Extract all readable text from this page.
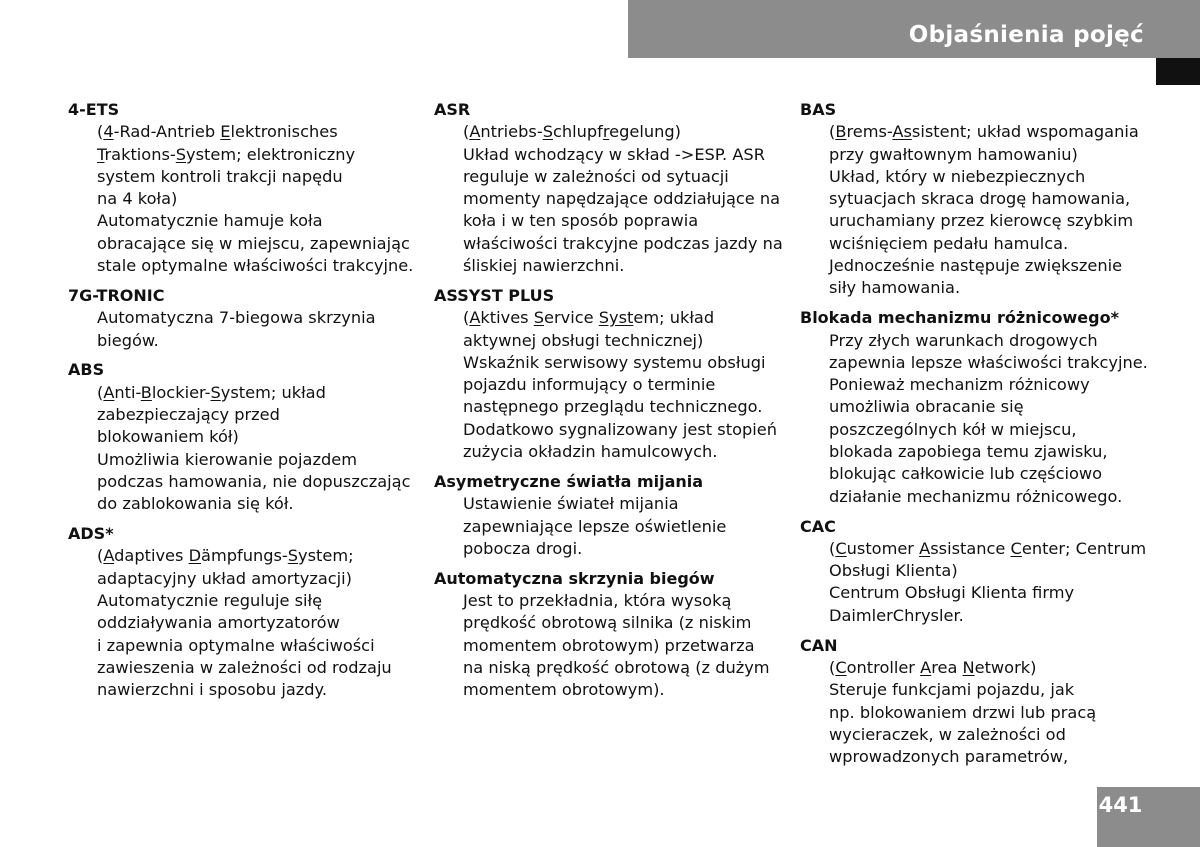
Objaśnienia pojęć
4-ETS
(4-Rad-Antrieb Elektronisches
Traktions-System; elektroniczny
system kontroli trakcji napędu
na 4 koła)
Automatycznie hamuje koła
obracające się w miejscu, zapewniając
stale optymalne właściwości trakcyjne.
7G-TRONIC
Automatyczna 7-biegowa skrzynia
biegów.
ABS
(Anti-Blockier-System; układ
zabezpieczający przed
blokowaniem kół)
Umożliwia kierowanie pojazdem
podczas hamowania, nie dopuszczając
do zablokowania się kół.
ADS*
(Adaptives Dämpfungs-System;
adaptacyjny układ amortyzacji)
Automatycznie reguluje siłę
oddziaływania amortyzatorów
i zapewnia optymalne właściwości
zawieszenia w zależności od rodzaju
nawierzchni i sposobu jazdy.
ASR
(Antriebs-Schlupfregelung)
Układ wchodzący w skład ->ESP. ASR
reguluje w zależności od sytuacji
momenty napędzające oddziałujące na
koła i w ten sposób poprawia
właściwości trakcyjne podczas jazdy na
śliskiej nawierzchni.
ASSYST PLUS
(Aktives Service System; układ
aktywnej obsługi technicznej)
Wskaźnik serwisowy systemu obsługi
pojazdu informujący o terminie
następnego przeglądu technicznego.
Dodatkowo sygnalizowany jest stopień
zużycia okładzin hamulcowych.
Asymetryczne światła mijania
Ustawienie świateł mijania
zapewniające lepsze oświetlenie
pobocza drogi.
Automatyczna skrzynia biegów
Jest to przekładnia, która wysoką
prędkość obrotową silnika (z niskim
momentem obrotowym) przetwarza
na niską prędkość obrotową (z dużym
momentem obrotowym).
BAS
(Brems-Assistent; układ wspomagania
przy gwałtownym hamowaniu)
Układ, który w niebezpiecznych
sytuacjach skraca drogę hamowania,
uruchamiany przez kierowcę szybkim
wciśnięciem pedału hamulca.
Jednocześnie następuje zwiększenie
siły hamowania.
Blokada mechanizmu różnicowego*
Przy złych warunkach drogowych
zapewnia lepsze właściwości trakcyjne.
Ponieważ mechanizm różnicowy
umożliwia obracanie się
poszczególnych kół w miejscu,
blokada zapobiega temu zjawisku,
blokując całkowicie lub częściowo
działanie mechanizmu różnicowego.
CAC
(Customer Assistance Center; Centrum
Obsługi Klienta)
Centrum Obsługi Klienta firmy
DaimlerChrysler.
CAN
(Controller Area Network)
Steruje funkcjami pojazdu, jak
np. blokowaniem drzwi lub pracą
wycieraczek, w zależności od
wprowadzonych parametrów,
441
